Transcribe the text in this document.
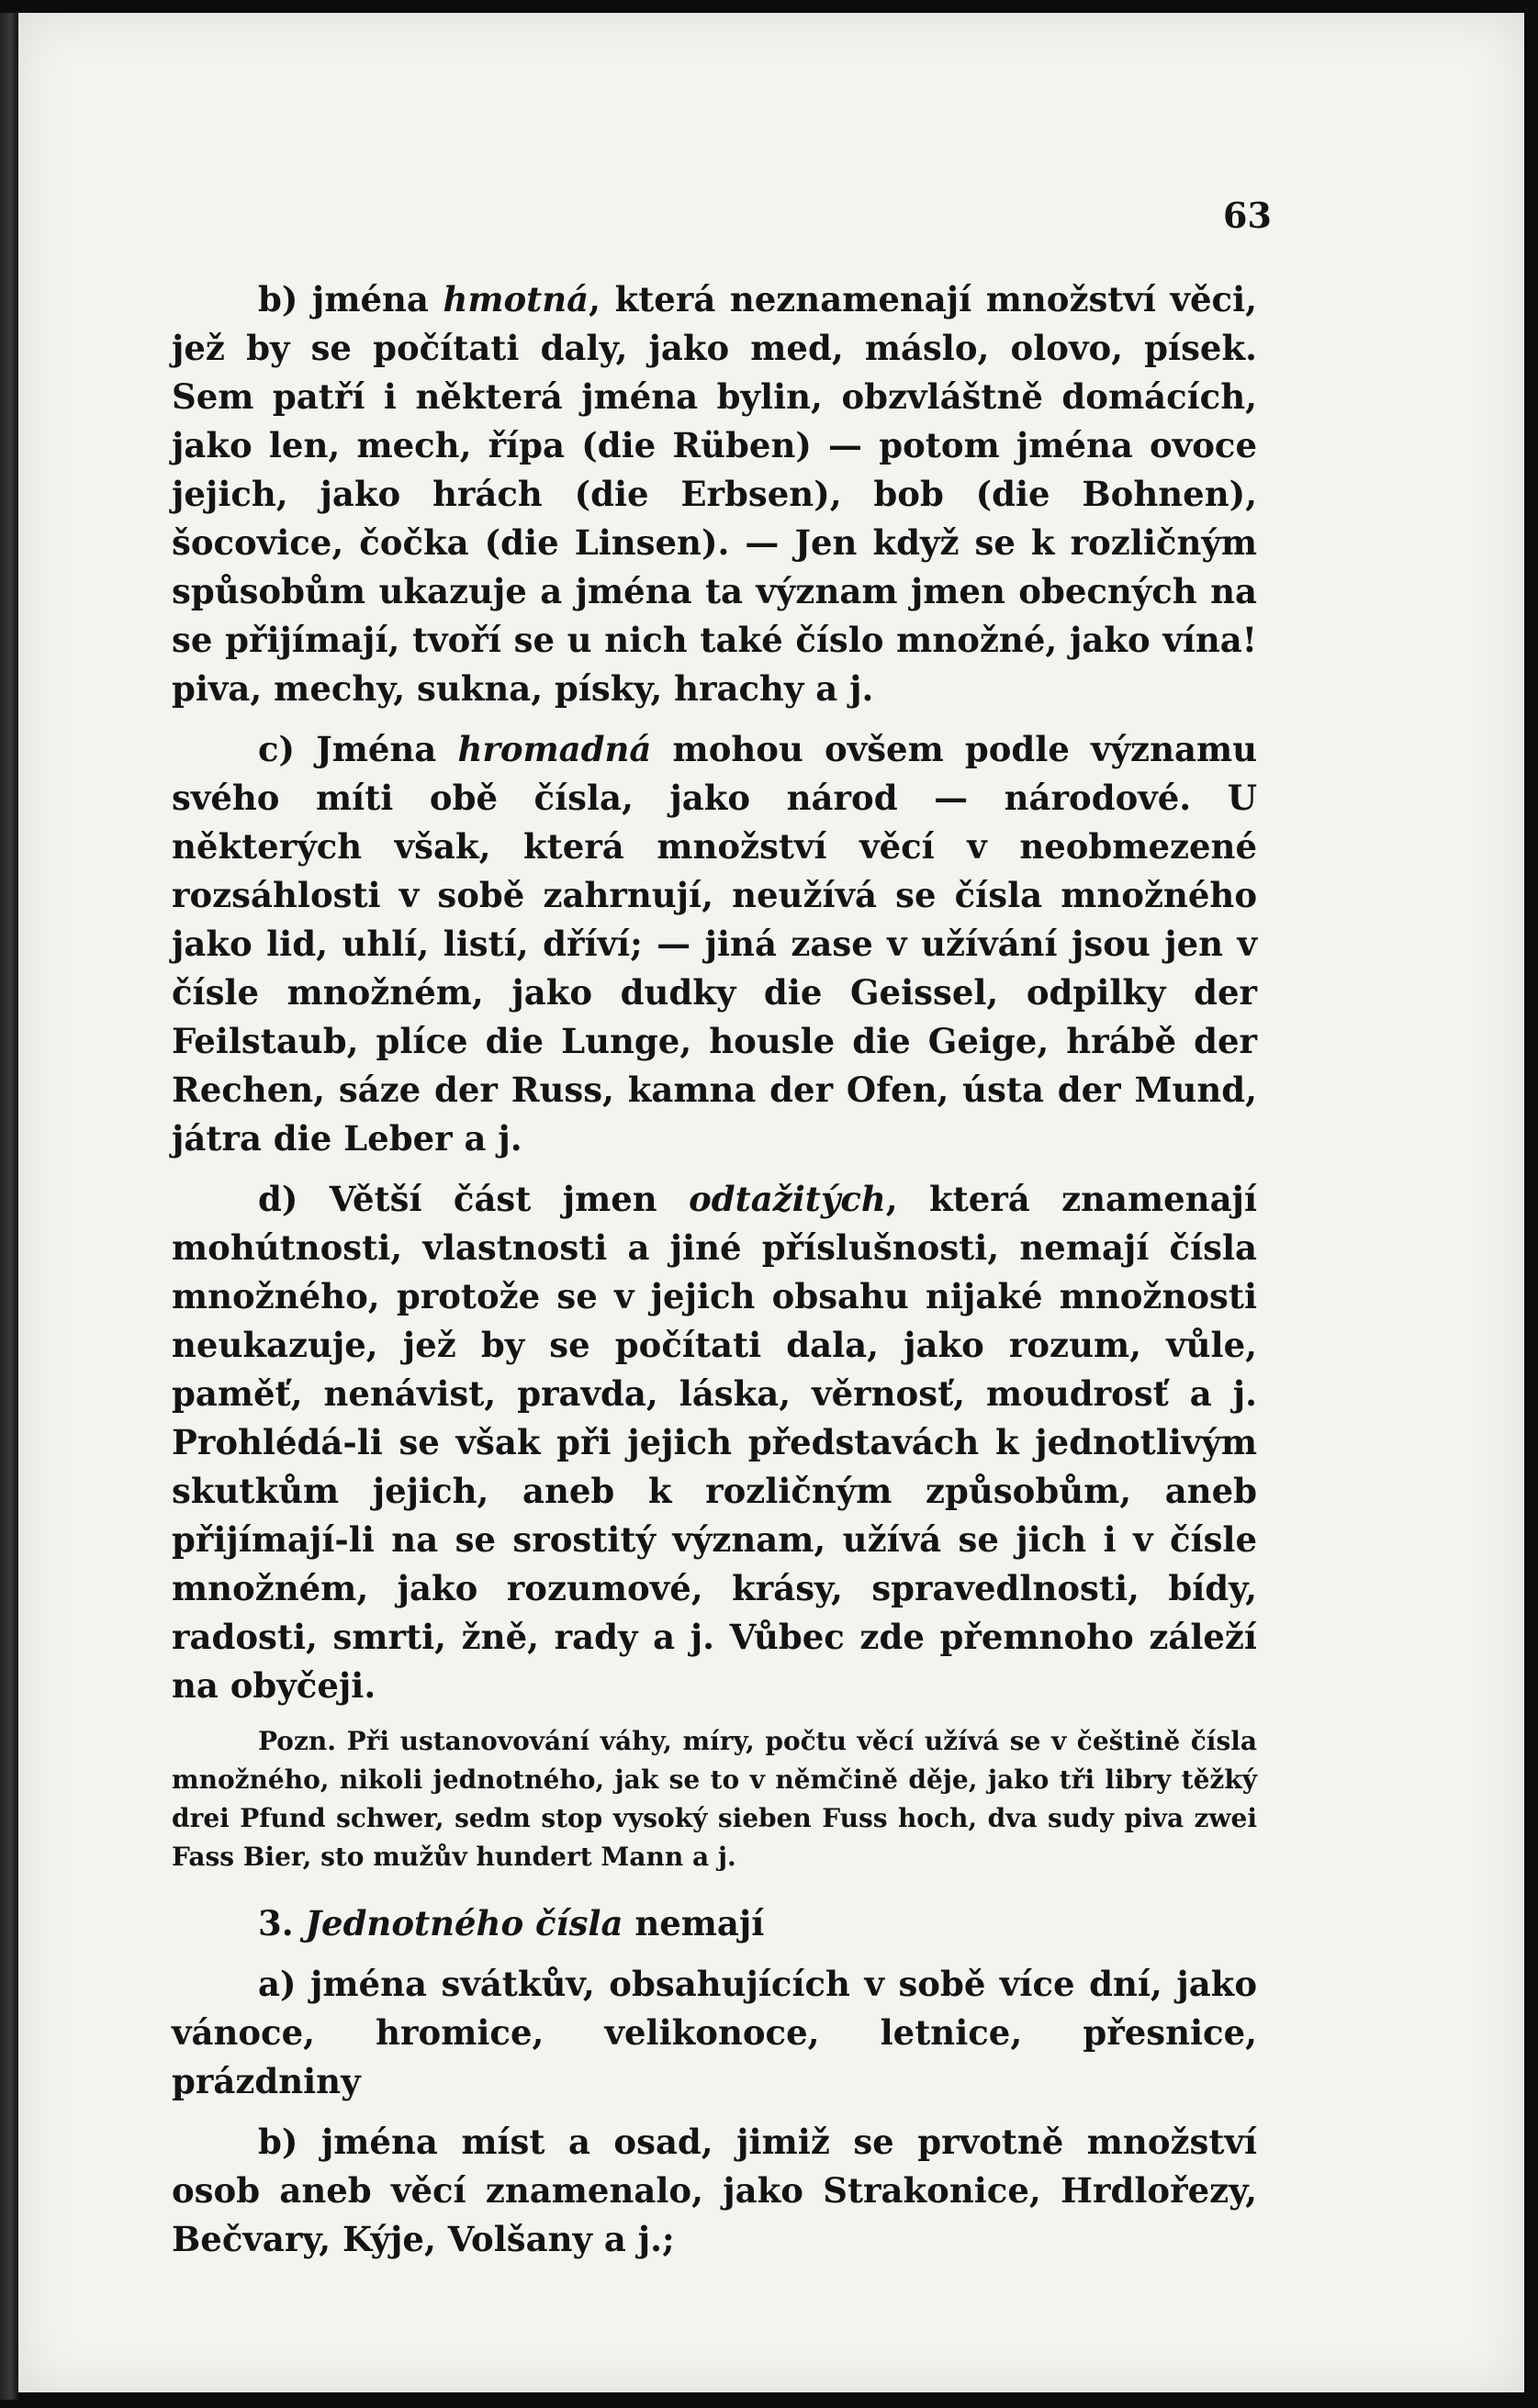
63
b) jména hmotná, která neznamenají množství věci, jež by se počítati daly, jako med, máslo, olovo, písek. Sem patří i některá jména bylin, obzvláštně domácích, jako len, mech, řípa (die Rüben) — potom jména ovoce jejich, jako hrách (die Erbsen), bob (die Bohnen), šocovice, čočka (die Linsen). — Jen když se k rozličným spůsobům ukazuje a jména ta význam jmen obecných na se přijímají, tvoří se u nich také číslo množné, jako vína! piva, mechy, sukna, písky, hrachy a j.
c) Jména hromadná mohou ovšem podle významu svého míti obě čísla, jako národ — národové. U některých však, která množství věcí v neobmezené rozsáhlosti v sobě zahrnují, neužívá se čísla množného jako lid, uhlí, listí, dříví; — jiná zase v užívání jsou jen v čísle množném, jako dudky die Geissel, odpilky der Feilstaub, plíce die Lunge, housle die Geige, hrábě der Rechen, sáze der Russ, kamna der Ofen, ústa der Mund, játra die Leber a j.
d) Větší část jmen odtažitých, která znamenají mohútnosti, vlastnosti a jiné příslušnosti, nemají čísla množného, protože se v jejich obsahu nijaké množnosti neukazuje, jež by se počítati dala, jako rozum, vůle, paměť, nenávist, pravda, láska, věrnosť, moudrosť a j. Prohlédá-li se však při jejich představách k jednotlivým skutkům jejich, aneb k rozličným způsobům, aneb přijímají-li na se srostitý význam, užívá se jich i v čísle množném, jako rozumové, krásy, spravedlnosti, bídy, radosti, smrti, žně, rady a j. Vůbec zde přemnoho záleží na obyčeji.
Pozn. Při ustanovování váhy, míry, počtu věcí užívá se v češtině čísla množného, nikoli jednotného, jak se to v němčině děje, jako tři libry těžký drei Pfund schwer, sedm stop vysoký sieben Fuss hoch, dva sudy piva zwei Fass Bier, sto mužův hundert Mann a j.
3. Jednotného čísla nemají
a) jména svátkův, obsahujících v sobě více dní, jako vánoce, hromice, velikonoce, letnice, přesnice, prázdniny
b) jména míst a osad, jimiž se prvotně množství osob aneb věcí znamenalo, jako Strakonice, Hrdlořezy, Bečvary, Kýje, Volšany a j.;
